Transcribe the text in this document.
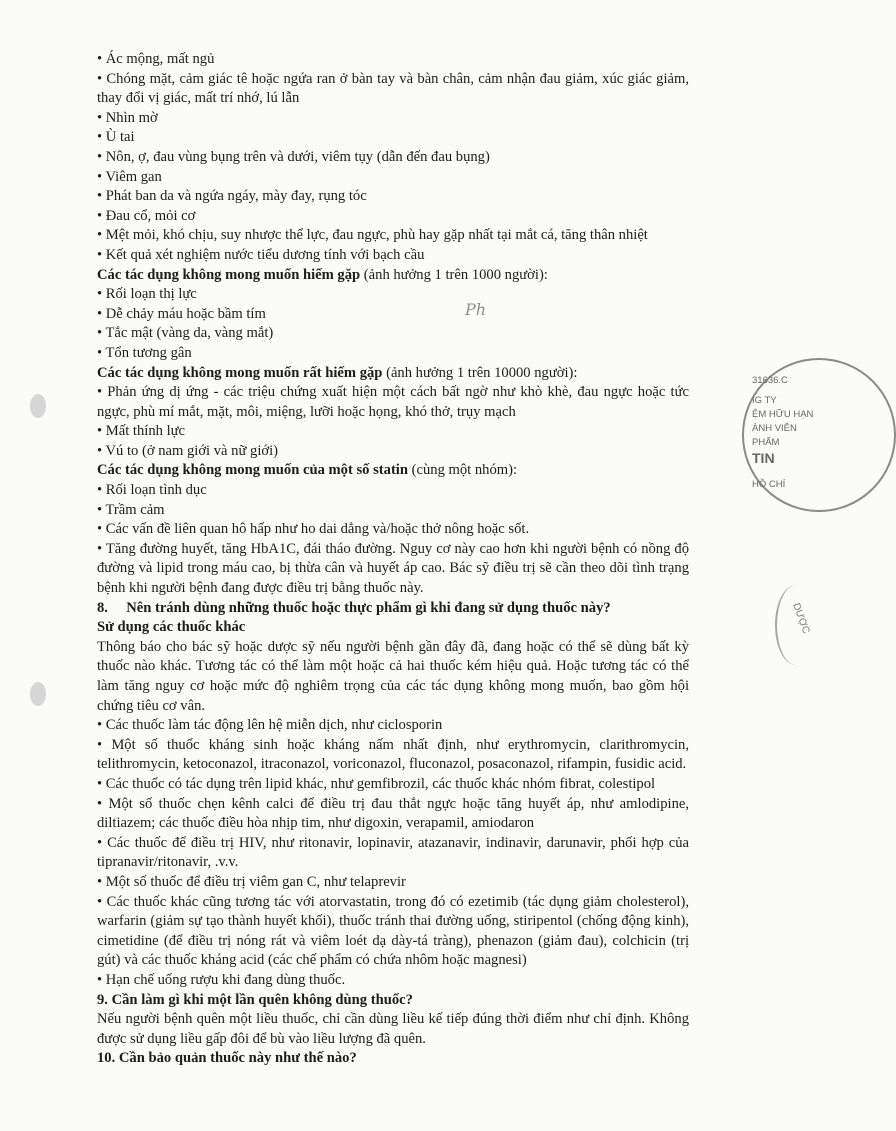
• Ác mộng, mất ngủ

• Chóng mặt, cảm giác tê hoặc ngứa ran ở bàn tay và bàn chân, cảm nhận đau giảm, xúc giác giảm, thay đổi vị giác, mất trí nhớ, lú lẫn

• Nhìn mờ

• Ù tai

• Nôn, ợ, đau vùng bụng trên và dưới, viêm tụy (dẫn đến đau bụng)

• Viêm gan

• Phát ban da và ngứa ngáy, mày đay, rụng tóc

• Đau cổ, mỏi cơ

• Mệt mỏi, khó chịu, suy nhược thể lực, đau ngực, phù hay gặp nhất tại mắt cá, tăng thân nhiệt

• Kết quả xét nghiệm nước tiểu dương tính với bạch cầu

Các tác dụng không mong muốn hiếm gặp (ảnh hưởng 1 trên 1000 người):

• Rối loạn thị lực

• Dễ chảy máu hoặc bầm tím

• Tắc mật (vàng da, vàng mắt)

• Tổn tương gân

Các tác dụng không mong muốn rất hiếm gặp (ảnh hưởng 1 trên 10000 người):

• Phản ứng dị ứng - các triệu chứng xuất hiện một cách bất ngờ như khò khè, đau ngực hoặc tức ngực, phù mí mắt, mặt, môi, miệng, lưỡi hoặc họng, khó thở, trụy mạch

• Mất thính lực

• Vú to (ở nam giới và nữ giới)

Các tác dụng không mong muốn của một số statin (cùng một nhóm):

• Rối loạn tình dục

• Trầm cảm

• Các vấn đề liên quan hô hấp như ho dai dẳng và/hoặc thở nông hoặc sốt.

• Tăng đường huyết, tăng HbA1C, đái tháo đường. Nguy cơ này cao hơn khi người bệnh có nồng độ đường và lipid trong máu cao, bị thừa cân và huyết áp cao. Bác sỹ điều trị sẽ cần theo dõi tình trạng bệnh khi người bệnh đang được điều trị bằng thuốc này.

8.     Nên tránh dùng những thuốc hoặc thực phẩm gì khi đang sử dụng thuốc này?

Sử dụng các thuốc khác

Thông báo cho bác sỹ hoặc dược sỹ nếu người bệnh gần đây đã, đang hoặc có thể sẽ dùng bất kỳ thuốc nào khác. Tương tác có thể làm một hoặc cả hai thuốc kém hiệu quả. Hoặc tương tác có thể làm tăng nguy cơ hoặc mức độ nghiêm trọng của các tác dụng không mong muốn, bao gồm hội chứng tiêu cơ vân.

• Các thuốc làm tác động lên hệ miễn dịch, như ciclosporin

• Một số thuốc kháng sinh hoặc kháng nấm nhất định, như erythromycin, clarithromycin, telithromycin, ketoconazol, itraconazol, voriconazol, fluconazol, posaconazol, rifampin, fusidic acid.

• Các thuốc có tác dụng trên lipid khác, như gemfibrozil, các thuốc khác nhóm fibrat, colestipol

• Một số thuốc chẹn kênh calci để điều trị đau thắt ngực hoặc tăng huyết áp, như amlodipine, diltiazem; các thuốc điều hòa nhịp tim, như digoxin, verapamil, amiodaron

• Các thuốc để điều trị HIV, như ritonavir, lopinavir, atazanavir, indinavir, darunavir, phối hợp của tipranavir/ritonavir, .v.v.

• Một số thuốc để điều trị viêm gan C, như telaprevir

• Các thuốc khác cũng tương tác với atorvastatin, trong đó có ezetimib (tác dụng giảm cholesterol), warfarin (giảm sự tạo thành huyết khối), thuốc tránh thai đường uống, stiripentol (chống động kinh), cimetidine (để điều trị nóng rát và viêm loét dạ dày-tá tràng), phenazon (giảm đau), colchicin (trị gút) và các thuốc kháng acid (các chế phẩm có chứa nhôm hoặc magnesi)

• Hạn chế uống rượu khi đang dùng thuốc.

9. Cần làm gì khi một lần quên không dùng thuốc?

Nếu người bệnh quên một liều thuốc, chỉ cần dùng liều kế tiếp đúng thời điểm như chỉ định. Không được sử dụng liều gấp đôi để bù vào liều lượng đã quên.

10. Cần bảo quản thuốc này như thế nào?

Ph
31636.C
IG TY
ỆM HỮU HẠN
ÀNH VIÊN
PHẨM
TIN
HỒ CHÍ
DƯỢC
